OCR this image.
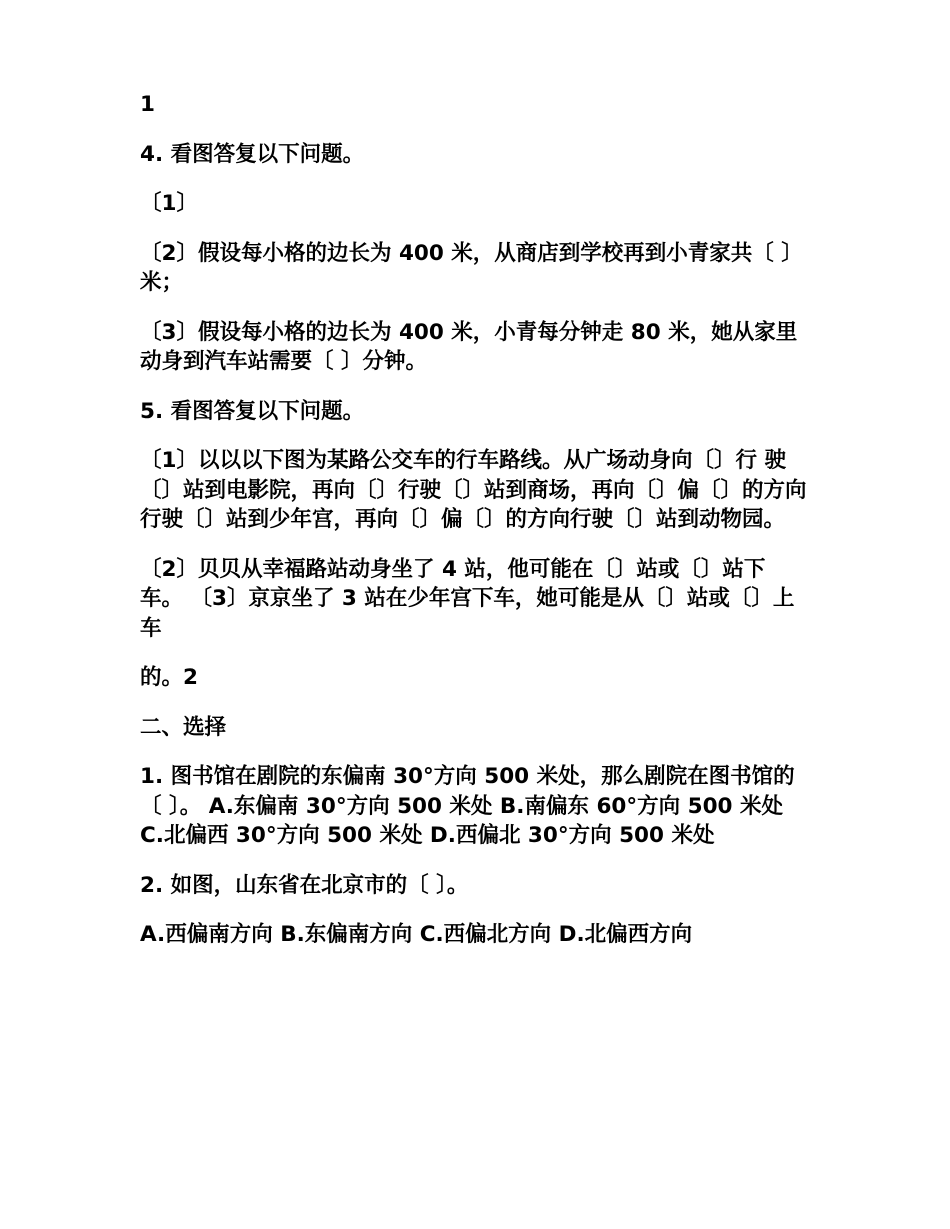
1

4. 看图答复以下问题。

〔1〕

〔2〕假设每小格的边长为 400 米，从商店到学校再到小青家共〔 〕米；

〔3〕假设每小格的边长为 400 米，小青每分钟走 80 米，她从家里动身到汽车站需要〔 〕分钟。

5. 看图答复以下问题。

〔1〕以以以下图为某路公交车的行车路线。从广场动身向〔〕行 驶〔〕站到电影院，再向〔〕行驶〔〕站到商场，再向〔〕偏〔〕的方向行驶〔〕站到少年宫，再向〔〕偏〔〕的方向行驶〔〕站到动物园。

〔2〕贝贝从幸福路站动身坐了 4 站，他可能在〔〕站或〔〕站下车。 〔3〕京京坐了 3 站在少年宫下车，她可能是从〔〕站或〔〕上车

的。2

二、选择

1. 图书馆在剧院的东偏南 30°方向 500 米处，那么剧院在图书馆的〔 〕。 A.东偏南 30°方向 500 米处 B.南偏东 60°方向 500 米处 C.北偏西 30°方向 500 米处 D.西偏北 30°方向 500 米处

2. 如图，山东省在北京市的〔 〕。

A.西偏南方向 B.东偏南方向 C.西偏北方向 D.北偏西方向
